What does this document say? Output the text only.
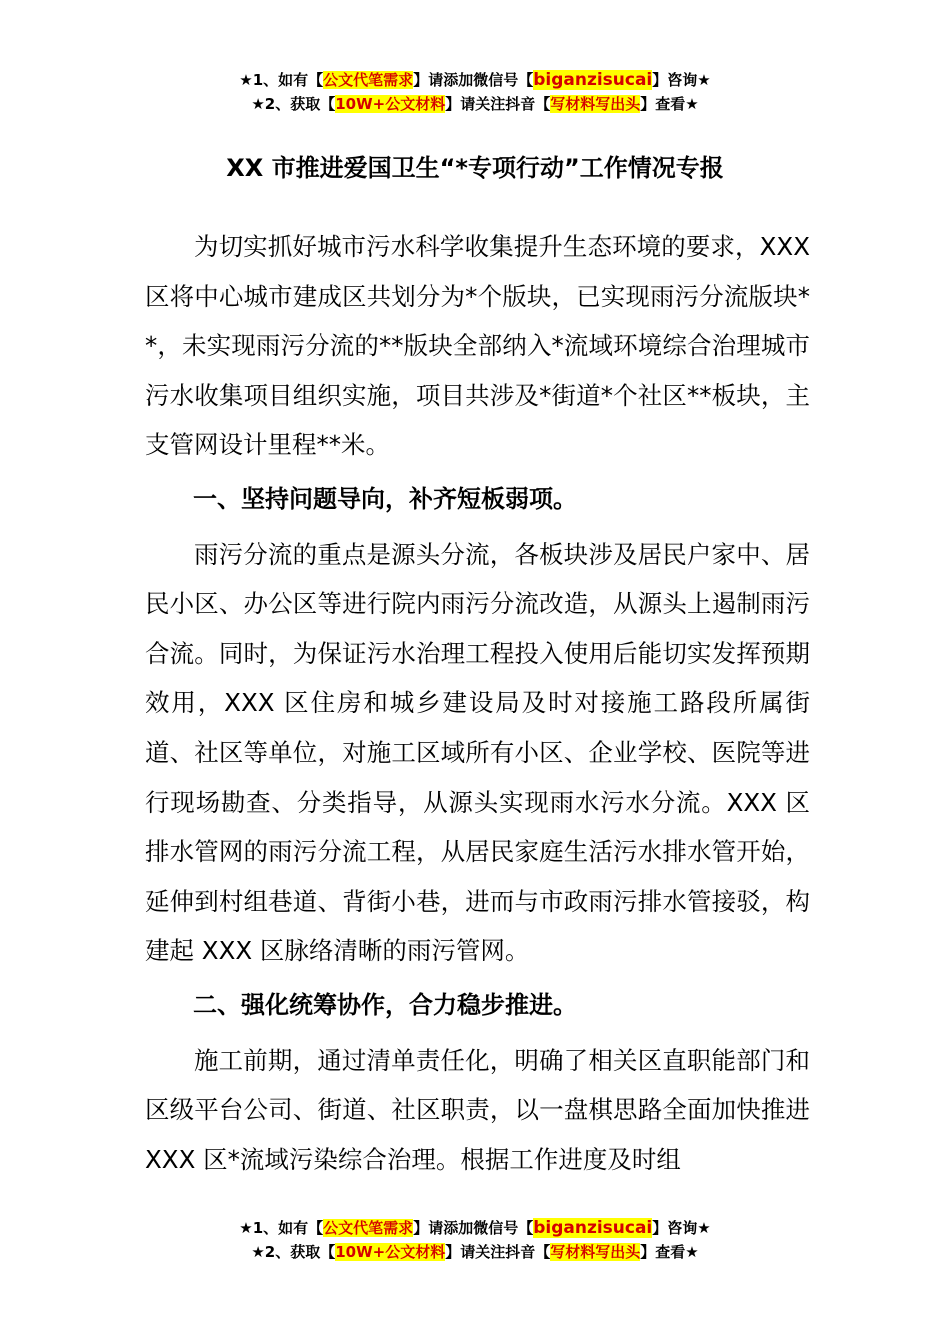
★1、如有【公文代笔需求】请添加微信号【biganzisucai】咨询★
★2、获取【10W+公文材料】请关注抖音【写材料写出头】查看★
XX 市推进爱国卫生“*专项行动”工作情况专报

为切实抓好城市污水科学收集提升生态环境的要求，XXX 区将中心城市建成区共划分为*个版块，已实现雨污分流版块**，未实现雨污分流的**版块全部纳入*流域环境综合治理城市污水收集项目组织实施，项目共涉及*街道*个社区**板块，主支管网设计里程**米。

一、坚持问题导向，补齐短板弱项。

雨污分流的重点是源头分流，各板块涉及居民户家中、居民小区、办公区等进行院内雨污分流改造，从源头上遏制雨污合流。同时，为保证污水治理工程投入使用后能切实发挥预期效用，XXX 区住房和城乡建设局及时对接施工路段所属街道、社区等单位，对施工区域所有小区、企业学校、医院等进行现场勘查、分类指导，从源头实现雨水污水分流。XXX 区排水管网的雨污分流工程，从居民家庭生活污水排水管开始，延伸到村组巷道、背街小巷，进而与市政雨污排水管接驳，构建起 XXX 区脉络清晰的雨污管网。

二、强化统筹协作，合力稳步推进。

施工前期，通过清单责任化，明确了相关区直职能部门和区级平台公司、街道、社区职责，以一盘棋思路全面加快推进 XXX 区*流域污染综合治理。根据工作进度及时组

★1、如有【公文代笔需求】请添加微信号【biganzisucai】咨询★
★2、获取【10W+公文材料】请关注抖音【写材料写出头】查看★
